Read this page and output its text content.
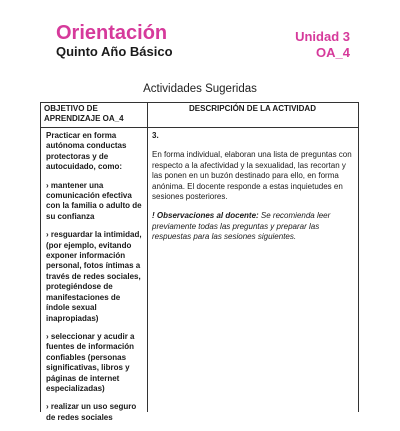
Orientación
Quinto Año Básico
Unidad 3
OA_4
Actividades Sugeridas
OBJETIVO DE APRENDIZAJE OA_4
DESCRIPCIÓN DE LA ACTIVIDAD

Practicar en forma autónoma conductas protectoras y de autocuidado, como:

› mantener una comunicación efectiva con la familia o adulto de su confianza

› resguardar la intimidad, (por ejemplo, evitando exponer información personal, fotos íntimas a través de redes sociales, protegiéndose de manifestaciones de índole sexual inapropiadas)

› seleccionar y acudir a fuentes de información confiables (personas significativas, libros y páginas de internet especializadas)

› realizar un uso seguro de redes sociales

3.
En forma individual, elaboran una lista de preguntas con respecto a la afectividad y la sexualidad, las recortan y las ponen en un buzón destinado para ello, en forma anónima. El docente responde a estas inquietudes en sesiones posteriores.
! Observaciones al docente: Se recomienda leer previamente todas las preguntas y preparar las respuestas para las sesiones siguientes.
